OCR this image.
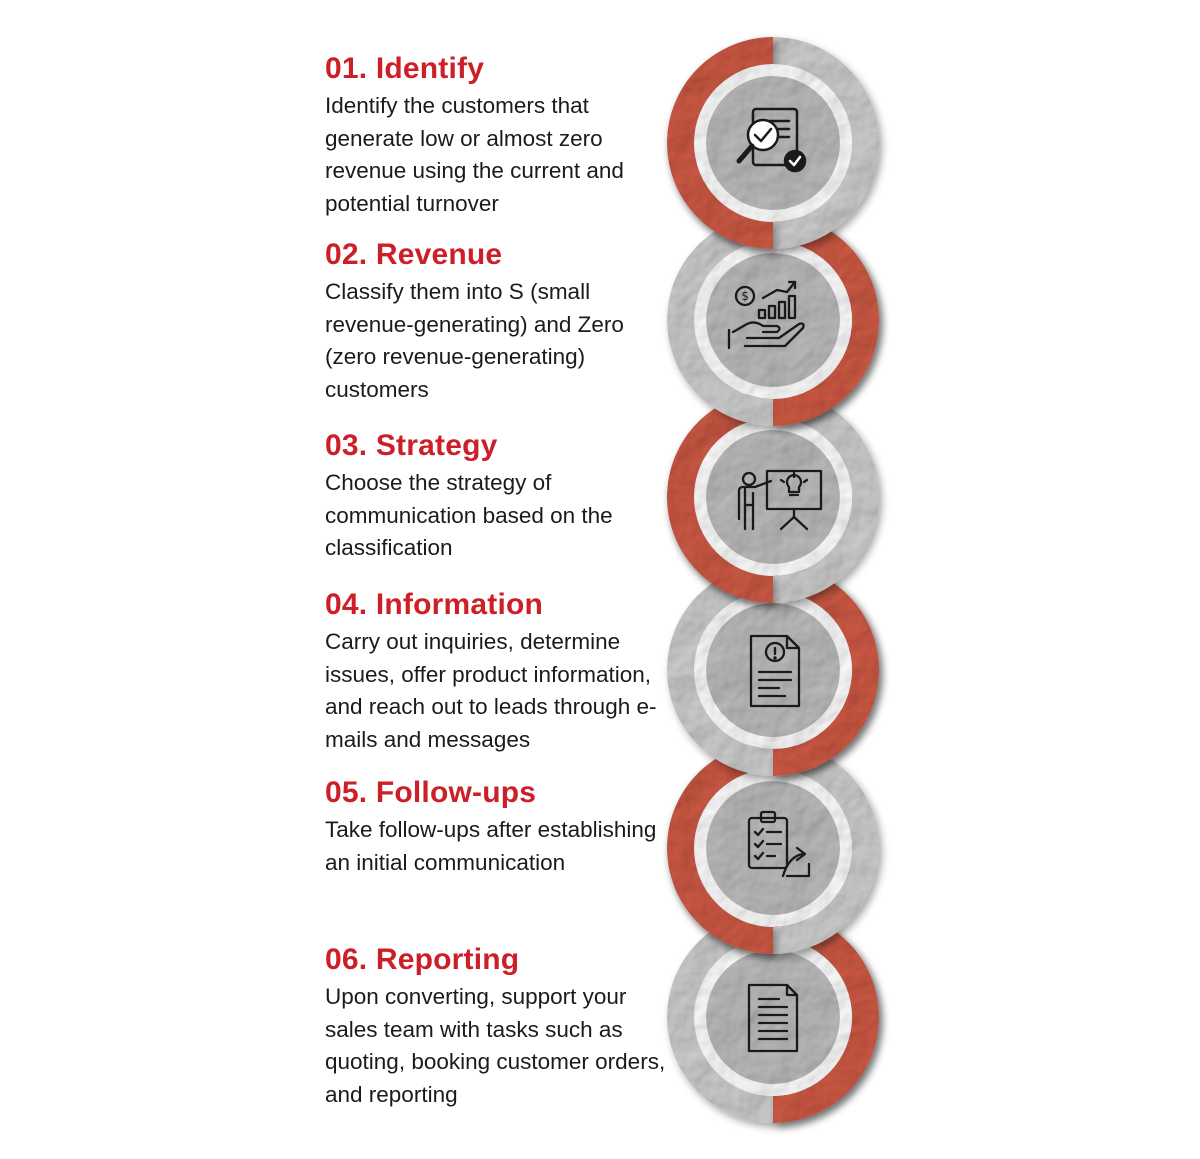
01. Identify

Identify the customers that generate low or almost zero revenue using the current and potential turnover

02. Revenue

Classify them into S (small revenue-generating) and Zero (zero revenue-generating) customers

03. Strategy

Choose the strategy of communication based on the classification

04. Information

Carry out inquiries, determine issues, offer product information, and reach out to leads through e-mails and messages

05. Follow-ups

Take follow-ups after establishing an initial communication

06. Reporting

Upon converting, support your sales team with tasks such as quoting, booking customer orders, and reporting

$
